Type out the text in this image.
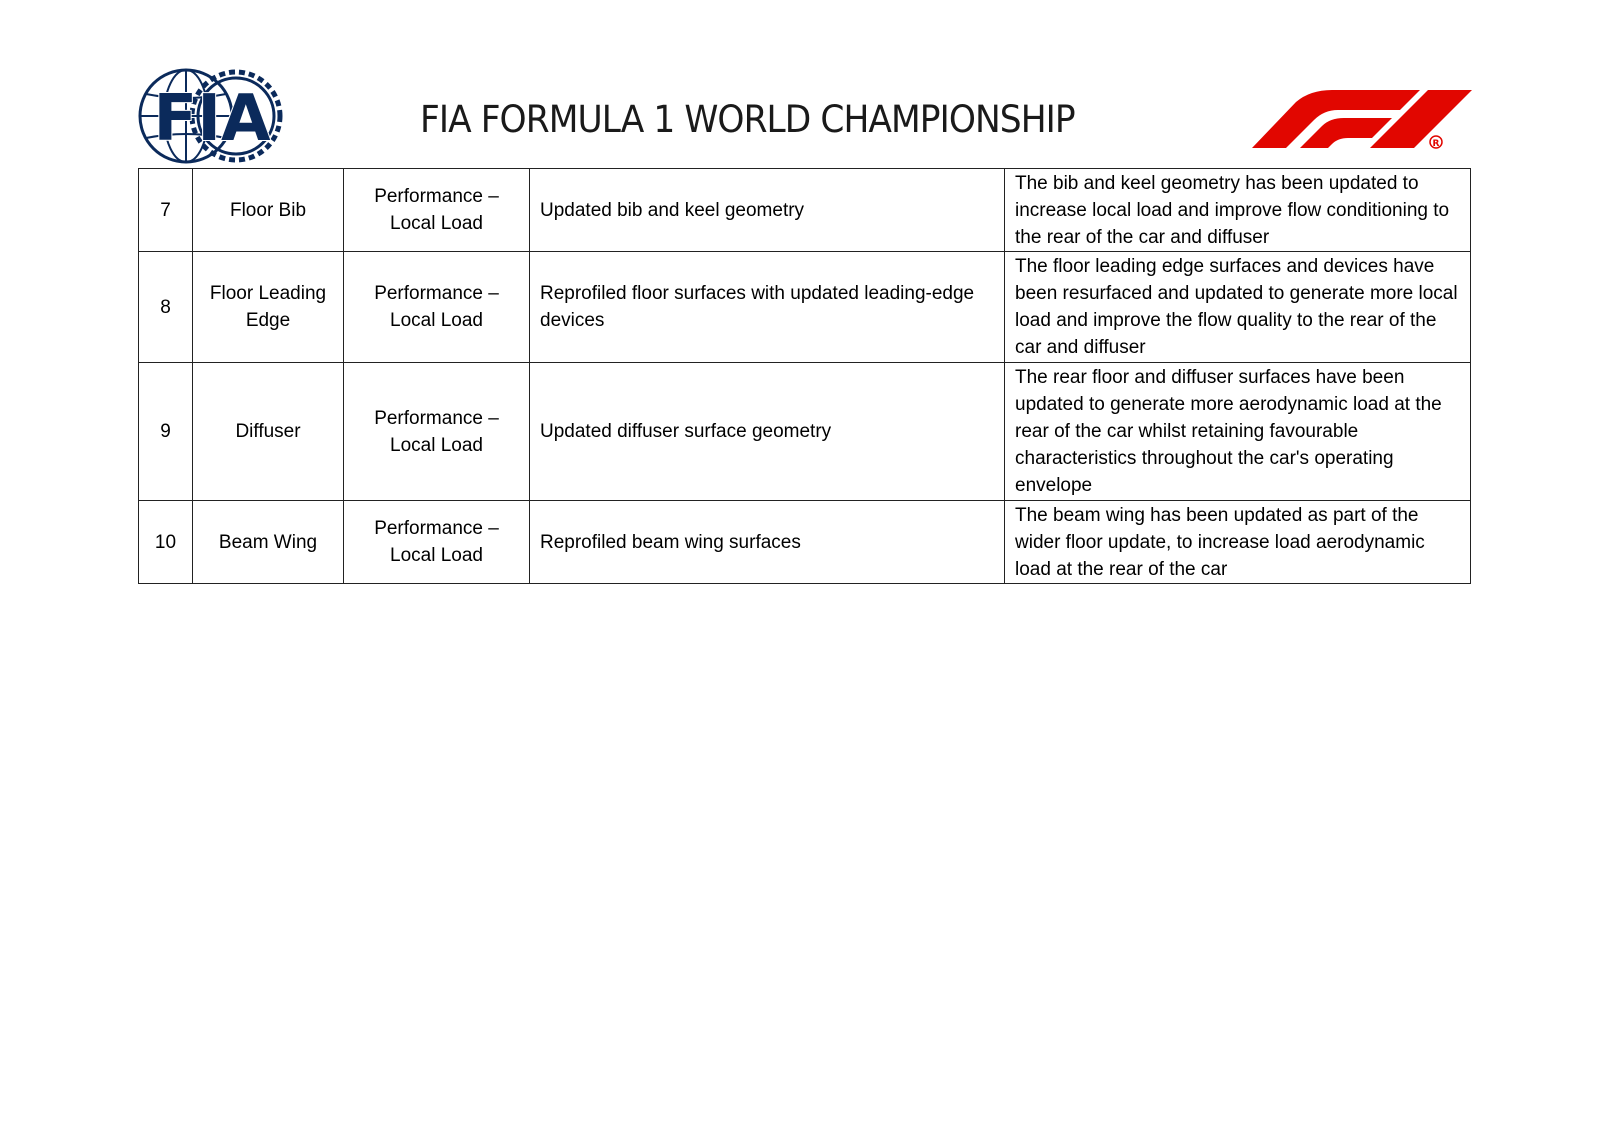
FIA	FIA FORMULA 1 WORLD CHAMPIONSHIP
R
7	Floor Bib	Performance – Local Load	Updated bib and keel geometry	The bib and keel geometry has been updated to increase local load and improve flow conditioning to the rear of the car and diffuser
8	Floor Leading Edge	Performance – Local Load	Reprofiled floor surfaces with updated leading-edge devices	The floor leading edge surfaces and devices have been resurfaced and updated to generate more local load and improve the flow quality to the rear of the car and diffuser
9	Diffuser	Performance – Local Load	Updated diffuser surface geometry	The rear floor and diffuser surfaces have been updated to generate more aerodynamic load at the rear of the car whilst retaining favourable characteristics throughout the car's operating envelope
10	Beam Wing	Performance – Local Load	Reprofiled beam wing surfaces	The beam wing has been updated as part of the wider floor update, to increase load aerodynamic load at the rear of the car
